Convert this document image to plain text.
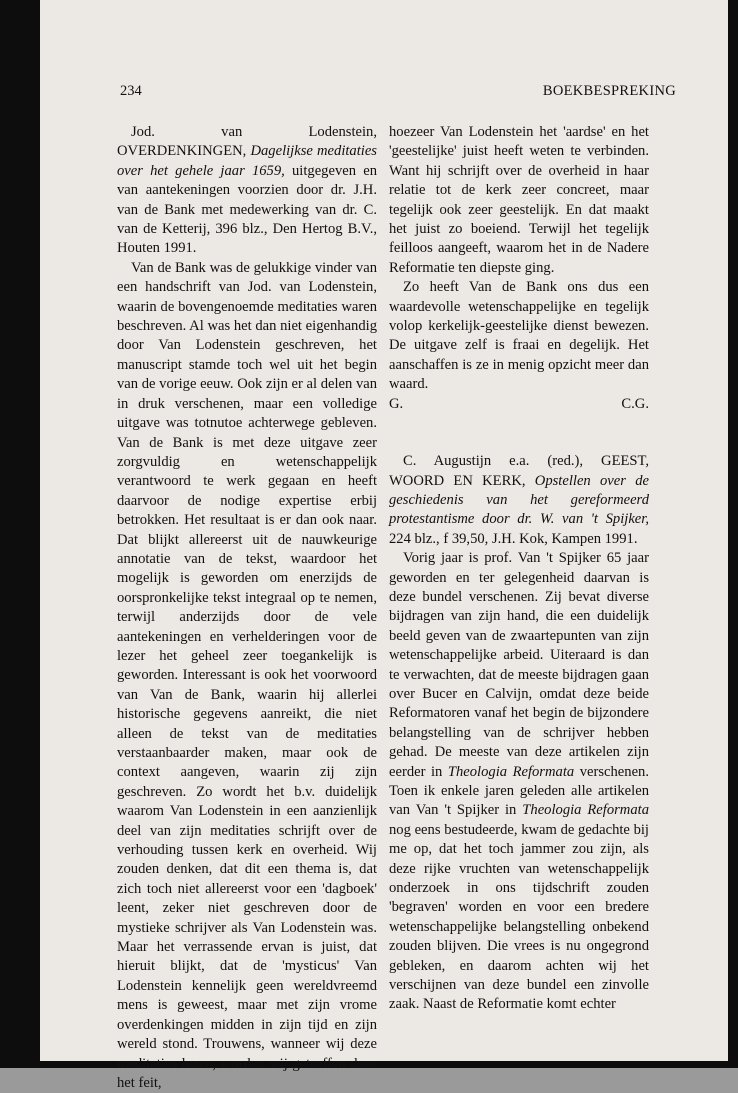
234	BOEKBESPREKING

Jod. van Lodenstein, OVERDENKINGEN, Dagelijkse meditaties over het gehele jaar 1659, uitgegeven en van aantekeningen voorzien door dr. J.H. van de Bank met medewerking van dr. C. van de Ketterij, 396 blz., Den Hertog B.V., Houten 1991.

Van de Bank was de gelukkige vinder van een handschrift van Jod. van Lodenstein, waarin de bovengenoemde meditaties waren beschreven. Al was het dan niet eigenhandig door Van Lodenstein geschreven, het manuscript stamde toch wel uit het begin van de vorige eeuw. Ook zijn er al delen van in druk verschenen, maar een volledige uitgave was totnutoe achterwege gebleven. Van de Bank is met deze uitgave zeer zorgvuldig en wetenschappelijk verantwoord te werk gegaan en heeft daarvoor de nodige expertise erbij betrokken. Het resultaat is er dan ook naar. Dat blijkt allereerst uit de nauwkeurige annotatie van de tekst, waardoor het mogelijk is geworden om enerzijds de oorspronkelijke tekst integraal op te nemen, terwijl anderzijds door de vele aantekeningen en verhelderingen voor de lezer het geheel zeer toegankelijk is geworden. Interessant is ook het voorwoord van Van de Bank, waarin hij allerlei historische gegevens aanreikt, die niet alleen de tekst van de meditaties verstaanbaarder maken, maar ook de context aangeven, waarin zij zijn geschreven. Zo wordt het b.v. duidelijk waarom Van Lodenstein in een aanzienlijk deel van zijn meditaties schrijft over de verhouding tussen kerk en overheid. Wij zouden denken, dat dit een thema is, dat zich toch niet allereerst voor een 'dagboek' leent, zeker niet geschreven door de mystieke schrijver als Van Lodenstein was. Maar het verrassende ervan is juist, dat hieruit blijkt, dat de 'mysticus' Van Lodenstein kennelijk geen wereldvreemd mens is geweest, maar met zijn vrome overdenkingen midden in zijn tijd en zijn wereld stond. Trouwens, wanneer wij deze meditaties lezen, worden wij getroffen door het feit,

hoezeer Van Lodenstein het 'aardse' en het 'geestelijke' juist heeft weten te verbinden. Want hij schrijft over de overheid in haar relatie tot de kerk zeer concreet, maar tegelijk ook zeer geestelijk. En dat maakt het juist zo boeiend. Terwijl het tegelijk feilloos aangeeft, waarom het in de Nadere Reformatie ten diepste ging.

Zo heeft Van de Bank ons dus een waardevolle wetenschappelijke en tegelijk volop kerkelijk-geestelijke dienst bewezen. De uitgave zelf is fraai en degelijk. Het aanschaffen is ze in menig opzicht meer dan waard.

G.	C.G.

C. Augustijn e.a. (red.), GEEST, WOORD EN KERK, Opstellen over de geschiedenis van het gereformeerd protestantisme door dr. W. van 't Spijker, 224 blz., f 39,50, J.H. Kok, Kampen 1991.

Vorig jaar is prof. Van 't Spijker 65 jaar geworden en ter gelegenheid daarvan is deze bundel verschenen. Zij bevat diverse bijdragen van zijn hand, die een duidelijk beeld geven van de zwaartepunten van zijn wetenschappelijke arbeid. Uiteraard is dan te verwachten, dat de meeste bijdragen gaan over Bucer en Calvijn, omdat deze beide Reformatoren vanaf het begin de bijzondere belangstelling van de schrijver hebben gehad. De meeste van deze artikelen zijn eerder in Theologia Reformata verschenen. Toen ik enkele jaren geleden alle artikelen van Van 't Spijker in Theologia Reformata nog eens bestudeerde, kwam de gedachte bij me op, dat het toch jammer zou zijn, als deze rijke vruchten van wetenschappelijk onderzoek in ons tijdschrift zouden 'begraven' worden en voor een bredere wetenschappelijke belangstelling onbekend zouden blijven. Die vrees is nu ongegrond gebleken, en daarom achten wij het verschijnen van deze bundel een zinvolle zaak. Naast de Reformatie komt echter
